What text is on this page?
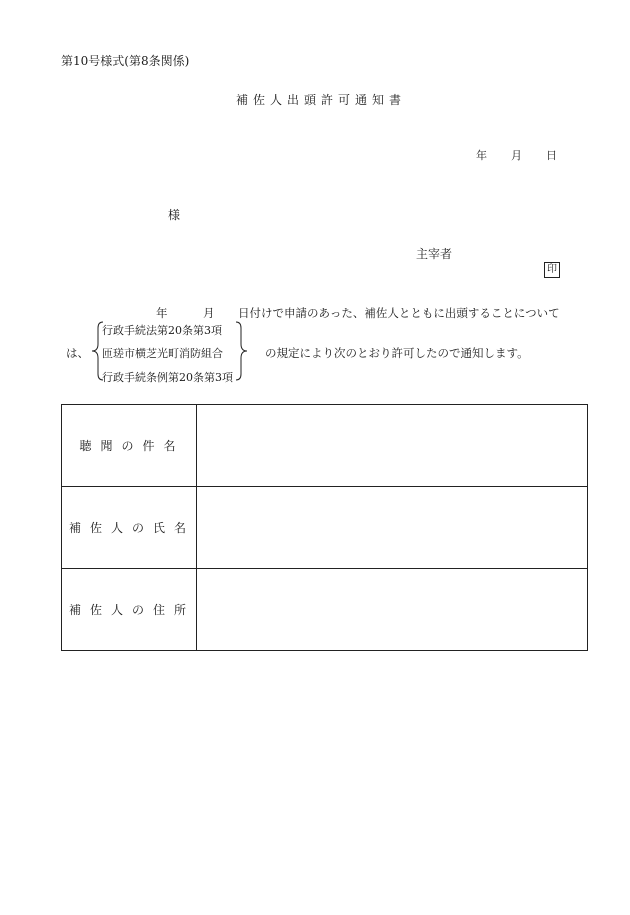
第10号様式(第8条関係)
補佐人出頭許可通知書
年 月 日
様
主宰者
印
年	月 日付けで申請のあった、補佐人とともに出頭することについて
は、
行政手続法第20条第3項
匝瑳市横芝光町消防組合
行政手続条例第20条第3項
の規定により次のとおり許可したので通知します。
聴聞の件名	
補佐人の氏名	
補佐人の住所	
